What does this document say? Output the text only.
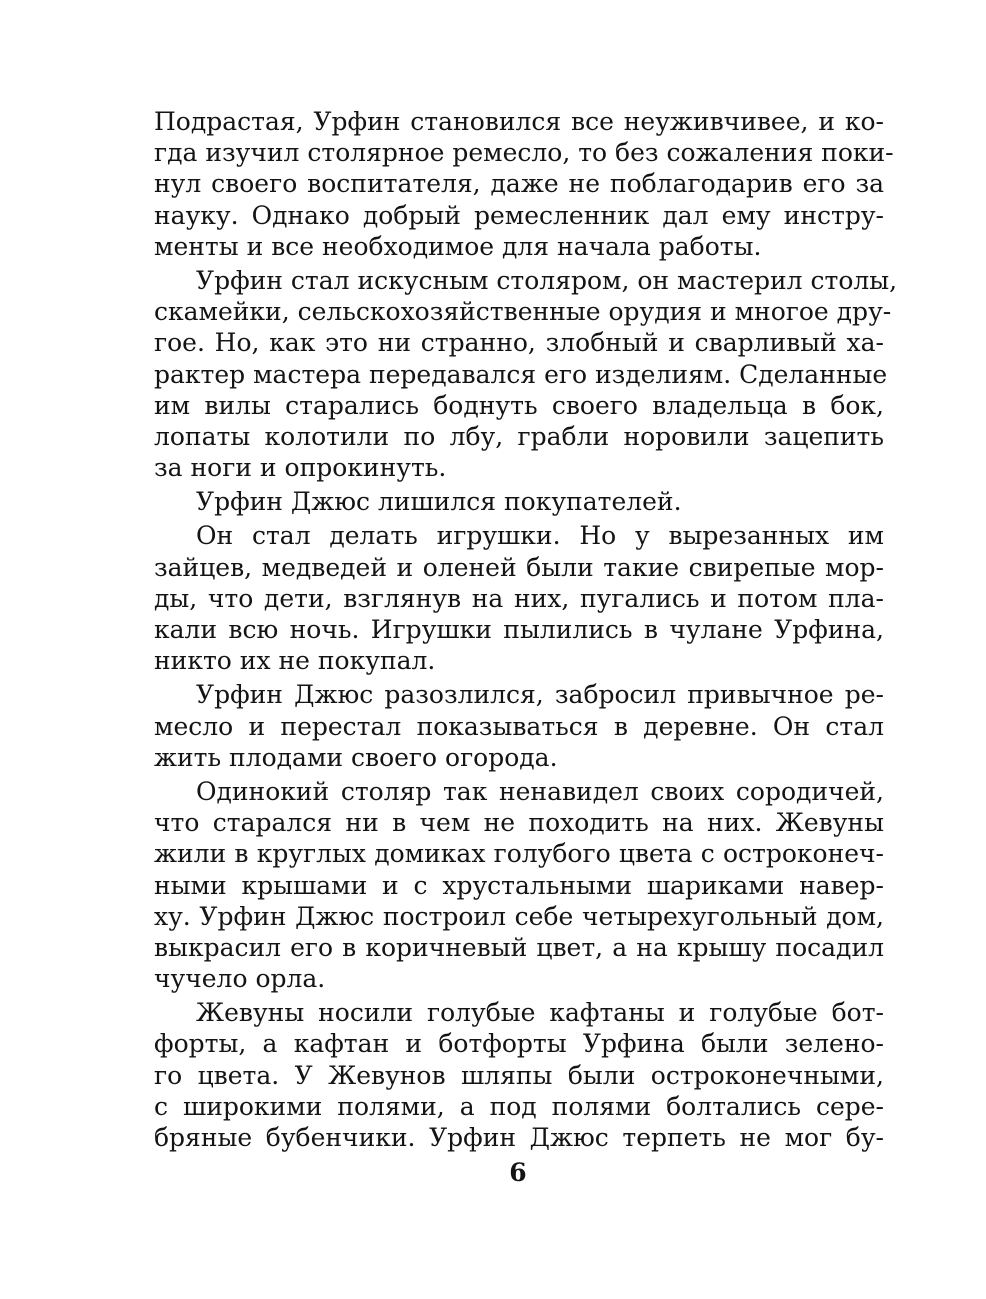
Подрастая, Урфин становился все неуживчивее, и ко-
гда изучил столярное ремесло, то без сожаления поки-
нул своего воспитателя, даже не поблагодарив его за
науку. Однако добрый ремесленник дал ему инстру-
менты и все необходимое для начала работы.
Урфин стал искусным столяром, он мастерил столы,
скамейки, сельскохозяйственные орудия и многое дру-
гое. Но, как это ни странно, злобный и сварливый ха-
рактер мастера передавался его изделиям. Сделанные
им вилы старались боднуть своего владельца в бок,
лопаты колотили по лбу, грабли норовили зацепить
за ноги и опрокинуть.
Урфин Джюс лишился покупателей.
Он стал делать игрушки. Но у вырезанных им
зайцев, медведей и оленей были такие свирепые мор-
ды, что дети, взглянув на них, пугались и потом пла-
кали всю ночь. Игрушки пылились в чулане Урфина,
никто их не покупал.
Урфин Джюс разозлился, забросил привычное ре-
месло и перестал показываться в деревне. Он стал
жить плодами своего огорода.
Одинокий столяр так ненавидел своих сородичей,
что старался ни в чем не походить на них. Жевуны
жили в круглых домиках голубого цвета с остроконеч-
ными крышами и с хрустальными шариками навер-
ху. Урфин Джюс построил себе четырехугольный дом,
выкрасил его в коричневый цвет, а на крышу посадил
чучело орла.
Жевуны носили голубые кафтаны и голубые бот-
форты, а кафтан и ботфорты Урфина были зелено-
го цвета. У Жевунов шляпы были остроконечными,
с широкими полями, а под полями болтались сере-
бряные бубенчики. Урфин Джюс терпеть не мог бу-
6
